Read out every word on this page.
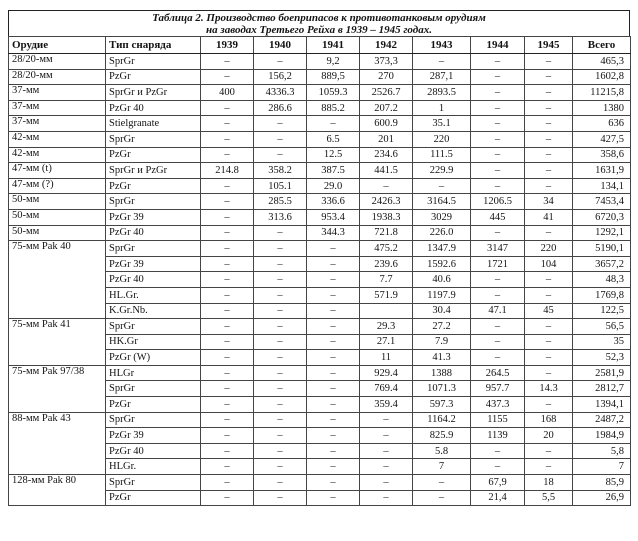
Таблица 2. Производство боеприпасов к противотанковым орудиям
на заводах Третьего Рейха в 1939 – 1945 годах.
Орудие	Тип снаряда	1939	1940	1941	1942	1943	1944	1945	Всего
28/20-мм	SprGr	–	–	9,2	373,3	–	–	–	465,3
28/20-мм	PzGr	–	156,2	889,5	270	287,1	–	–	1602,8
37-мм	SprGr и PzGr	400	4336.3	1059.3	2526.7	2893.5	–	–	11215,8
37-мм	PzGr 40	–	286.6	885.2	207.2	1	–	–	1380
37-мм	Stielgranate	–	–	–	600.9	35.1	–	–	636
42-мм	SprGr	–	–	6.5	201	220	–	–	427,5
42-мм	PzGr	–	–	12.5	234.6	111.5	–	–	358,6
47-мм (t)	SprGr и PzGr	214.8	358.2	387.5	441.5	229.9	–	–	1631,9
47-мм (?)	PzGr	–	105.1	29.0	–	–	–	–	134,1
50-мм	SprGr	–	285.5	336.6	2426.3	3164.5	1206.5	34	7453,4
50-мм	PzGr 39	–	313.6	953.4	1938.3	3029	445	41	6720,3
50-мм	PzGr 40	–	–	344.3	721.8	226.0	–	–	1292,1
75-мм Pak 40	SprGr	–	–	–	475.2	1347.9	3147	220	5190,1
	PzGr 39	–	–	–	239.6	1592.6	1721	104	3657,2
	PzGr 40	–	–	–	7.7	40.6	–	–	48,3
	HL.Gr.	–	–	–	571.9	1197.9	–	–	1769,8
	K.Gr.Nb.	–	–	–		30.4	47.1	45	122,5
75-мм Pak 41	SprGr	–	–	–	29.3	27.2	–	–	56,5
	HK.Gr	–	–	–	27.1	7.9	–	–	35
	PzGr (W)	–	–	–	11	41.3	–	–	52,3
75-мм Pak 97/38	HLGr	–	–	–	929.4	1388	264.5	–	2581,9
	SprGr	–	–	–	769.4	1071.3	957.7	14.3	2812,7
	PzGr	–	–	–	359.4	597.3	437.3	–	1394,1
88-мм Pak 43	SprGr	–	–	–	–	1164.2	1155	168	2487,2
	PzGr 39	–	–	–	–	825.9	1139	20	1984,9
	PzGr 40	–	–	–	–	5.8	–	–	5,8
	HLGr.	–	–	–	–	7	–	–	7
128-мм Pak 80	SprGr	–	–	–	–	–	67,9	18	85,9
	PzGr	–	–	–	–	–	21,4	5,5	26,9
